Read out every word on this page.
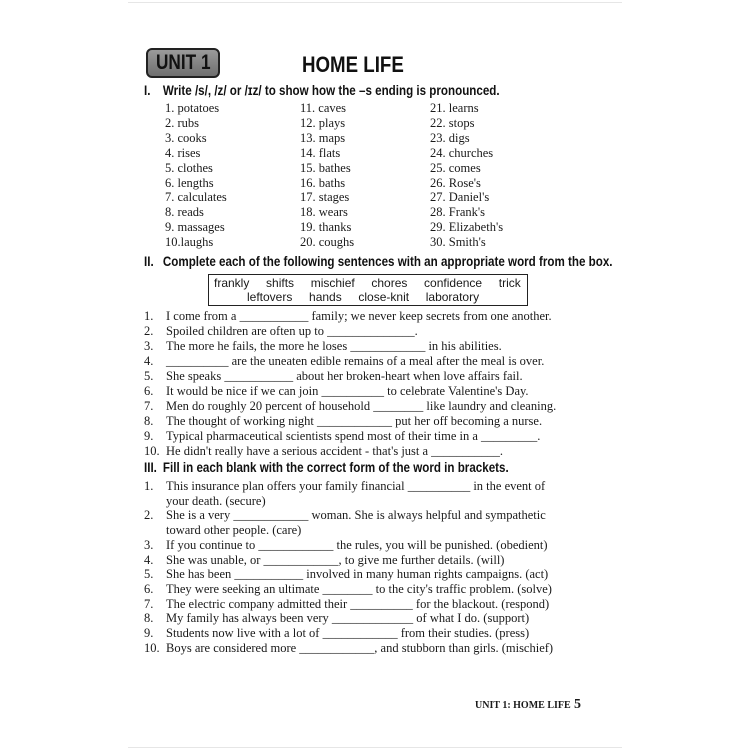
UNIT 1	HOME LIFE
I. Write /s/, /z/ or /ɪz/ to show how the –s ending is pronounced.
1. potatoes
2. rubs
3. cooks
4. rises
5. clothes
6. lengths
7. calculates
8. reads
9. massages
10.laughs
11. caves
12. plays
13. maps
14. flats
15. bathes
16. baths
17. stages
18. wears
19. thanks
20. coughs
21. learns
22. stops
23. digs
24. churches
25. comes
26. Rose's
27. Daniel's
28. Frank's
29. Elizabeth's
30. Smith's
II. Complete each of the following sentences with an appropriate word from the box.
frankly     shifts     mischief     chores     confidence     trick
leftovers     hands     close-knit     laboratory
1. I come from a ___________ family; we never keep secrets from one another.
2. Spoiled children are often up to ______________.
3. The more he fails, the more he loses ____________ in his abilities.
4. __________ are the uneaten edible remains of a meal after the meal is over.
5. She speaks ___________ about her broken-heart when love affairs fail.
6. It would be nice if we can join __________ to celebrate Valentine's Day.
7. Men do roughly 20 percent of household ________ like laundry and cleaning.
8. The thought of working night ____________ put her off becoming a nurse.
9. Typical pharmaceutical scientists spend most of their time in a _________.
10. He didn't really have a serious accident - that's just a ___________.
III. Fill in each blank with the correct form of the word in brackets.
1. This insurance plan offers your family financial __________ in the event of
your death. (secure)
2. She is a very ____________ woman. She is always helpful and sympathetic
toward other people. (care)
3. If you continue to ____________ the rules, you will be punished. (obedient)
4. She was unable, or ____________, to give me further details. (will)
5. She has been ___________ involved in many human rights campaigns. (act)
6. They were seeking an ultimate ________ to the city's traffic problem. (solve)
7. The electric company admitted their __________ for the blackout. (respond)
8. My family has always been very _____________ of what I do. (support)
9. Students now live with a lot of ____________ from their studies. (press)
10. Boys are considered more ____________, and stubborn than girls. (mischief)
UNIT 1: HOME LIFE 5
